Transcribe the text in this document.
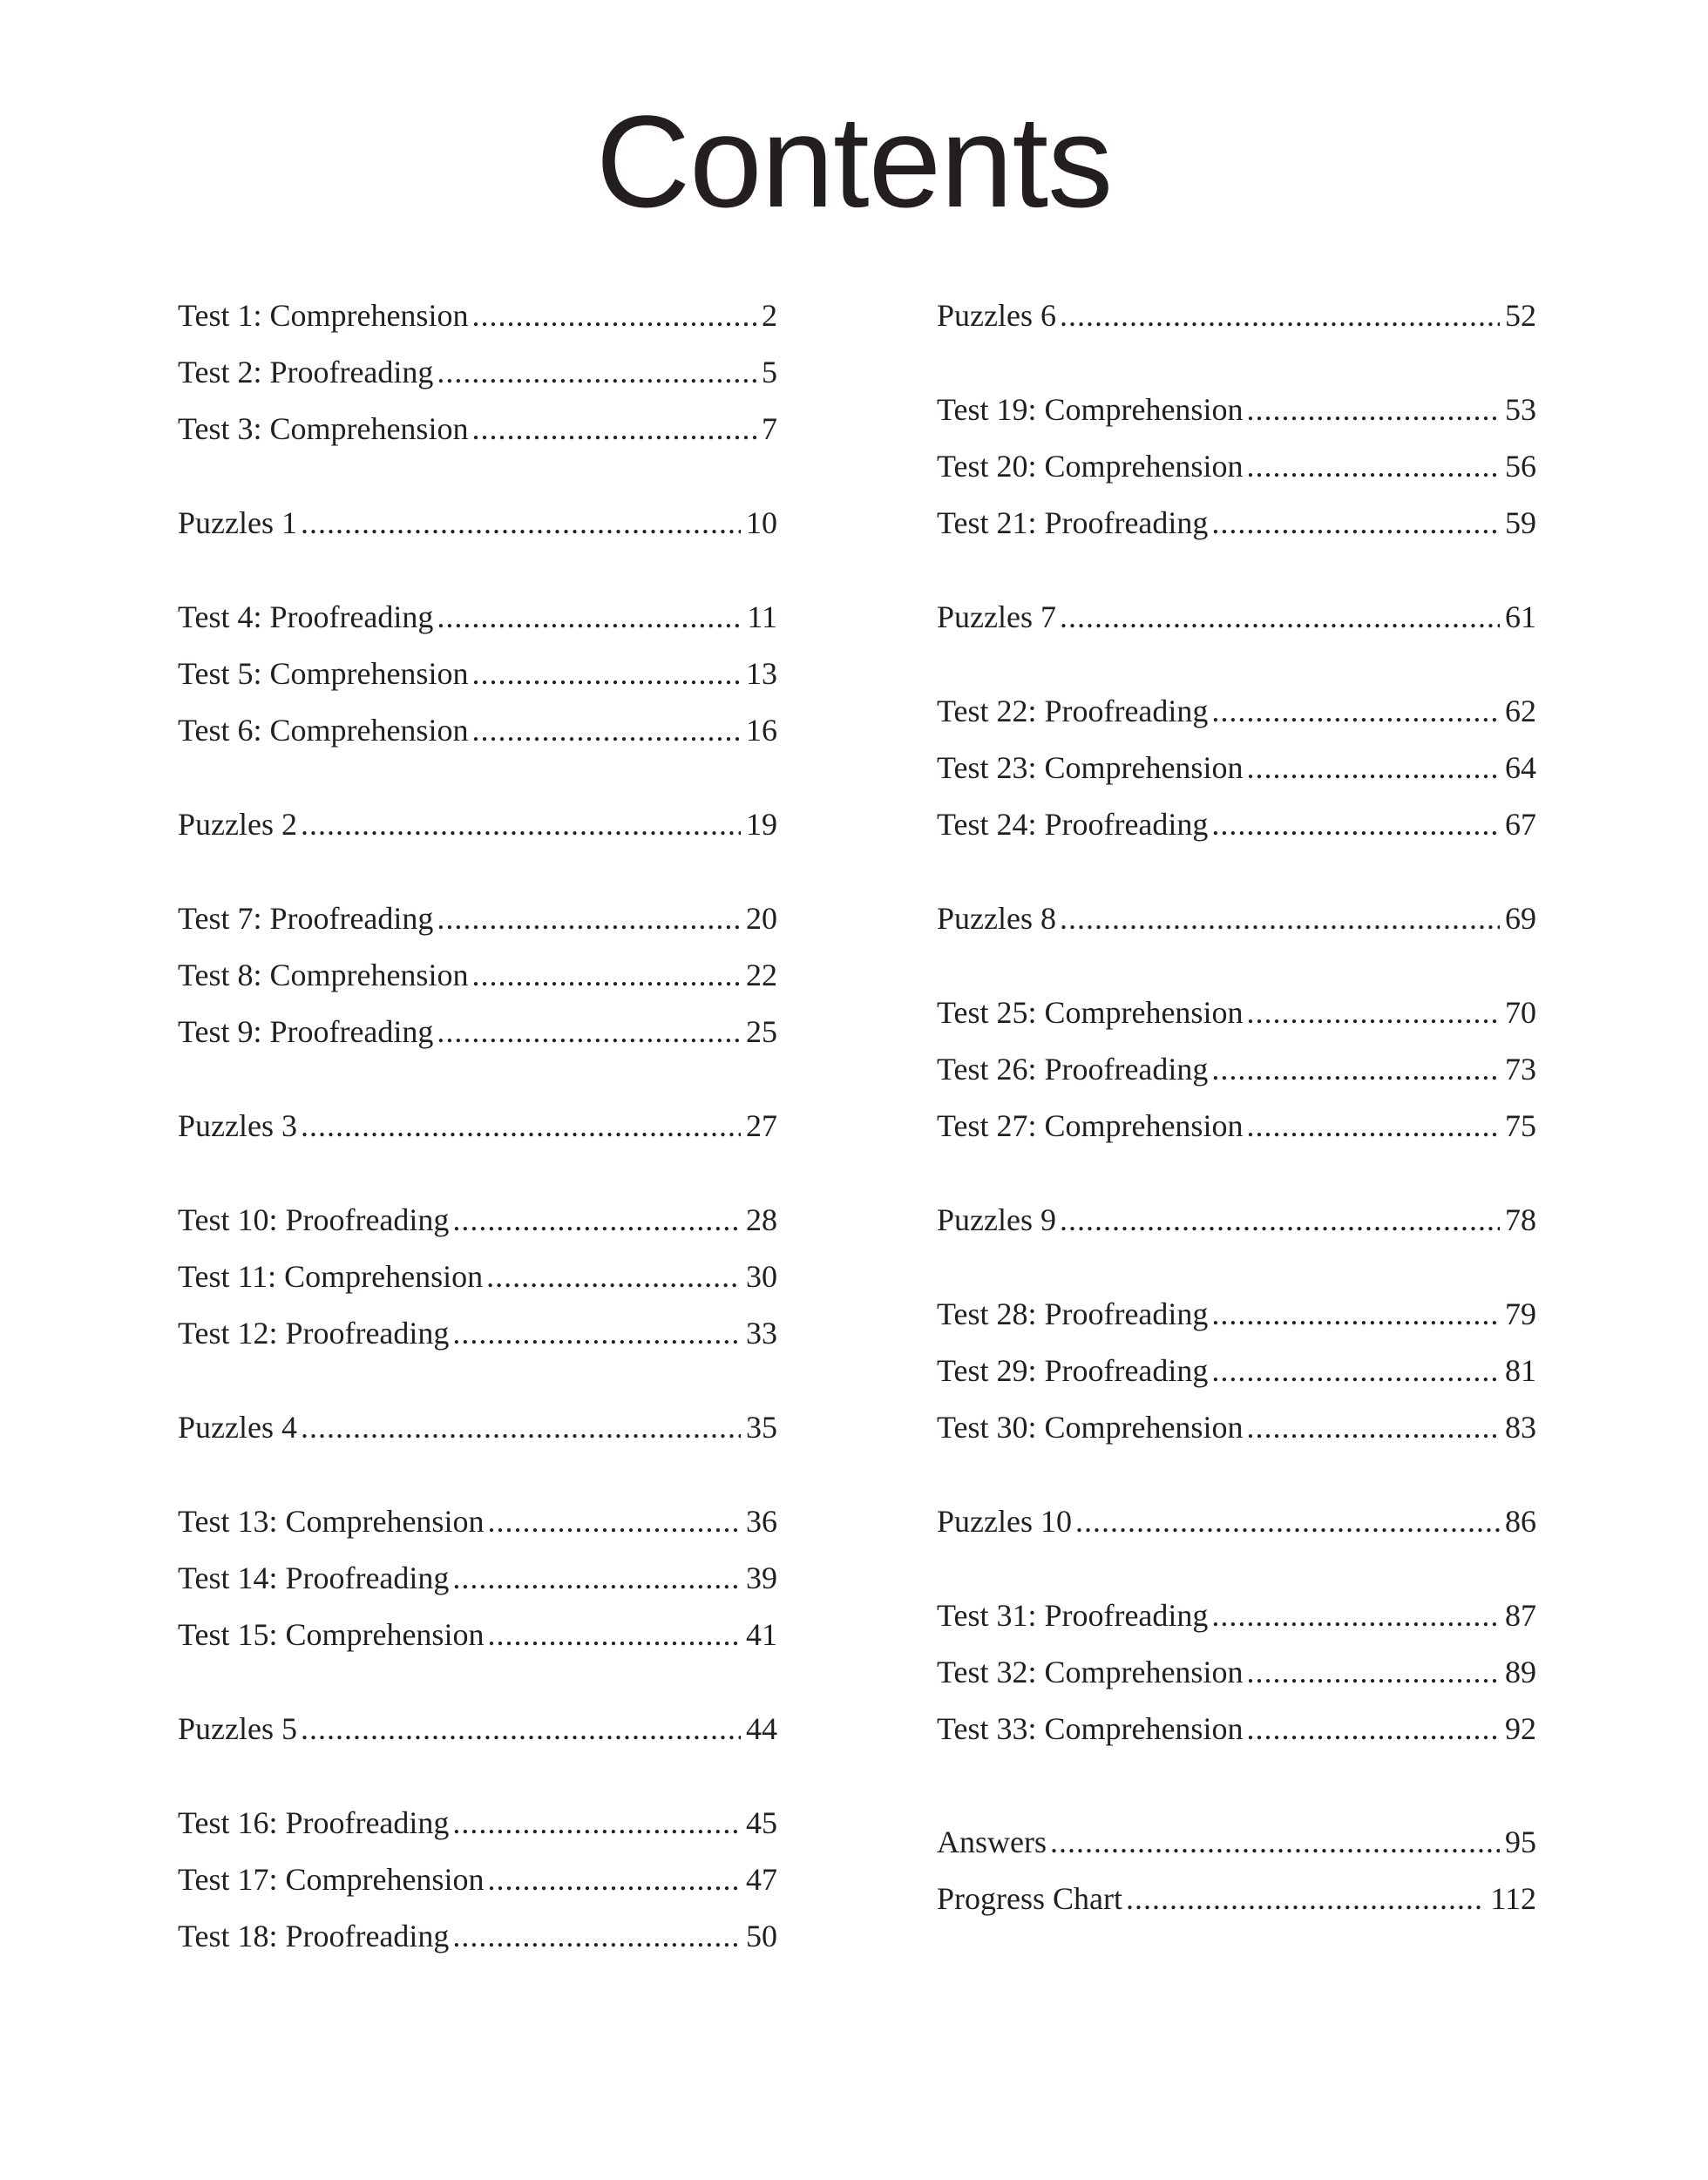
Contents
Test 1: Comprehension .....	2
Test 2: Proofreading .....	5
Test 3: Comprehension .....	7
Puzzles 1 .....	10
Test 4: Proofreading .....	11
Test 5: Comprehension .....	13
Test 6: Comprehension .....	16
Puzzles 2 .....	19
Test 7: Proofreading .....	20
Test 8: Comprehension .....	22
Test 9: Proofreading .....	25
Puzzles 3 .....	27
Test 10: Proofreading .....	28
Test 11: Comprehension .....	30
Test 12: Proofreading .....	33
Puzzles 4 .....	35
Test 13: Comprehension .....	36
Test 14: Proofreading .....	39
Test 15: Comprehension .....	41
Puzzles 5 .....	44
Test 16: Proofreading .....	45
Test 17: Comprehension .....	47
Test 18: Proofreading .....	50
Puzzles 6 .....	52
Test 19: Comprehension .....	53
Test 20: Comprehension .....	56
Test 21: Proofreading .....	59
Puzzles 7 .....	61
Test 22: Proofreading .....	62
Test 23: Comprehension .....	64
Test 24: Proofreading .....	67
Puzzles 8 .....	69
Test 25: Comprehension .....	70
Test 26: Proofreading .....	73
Test 27: Comprehension .....	75
Puzzles 9 .....	78
Test 28: Proofreading .....	79
Test 29: Proofreading .....	81
Test 30: Comprehension .....	83
Puzzles 10 .....	86
Test 31: Proofreading .....	87
Test 32: Comprehension .....	89
Test 33: Comprehension .....	92
Answers .....	95
Progress Chart .....	112
